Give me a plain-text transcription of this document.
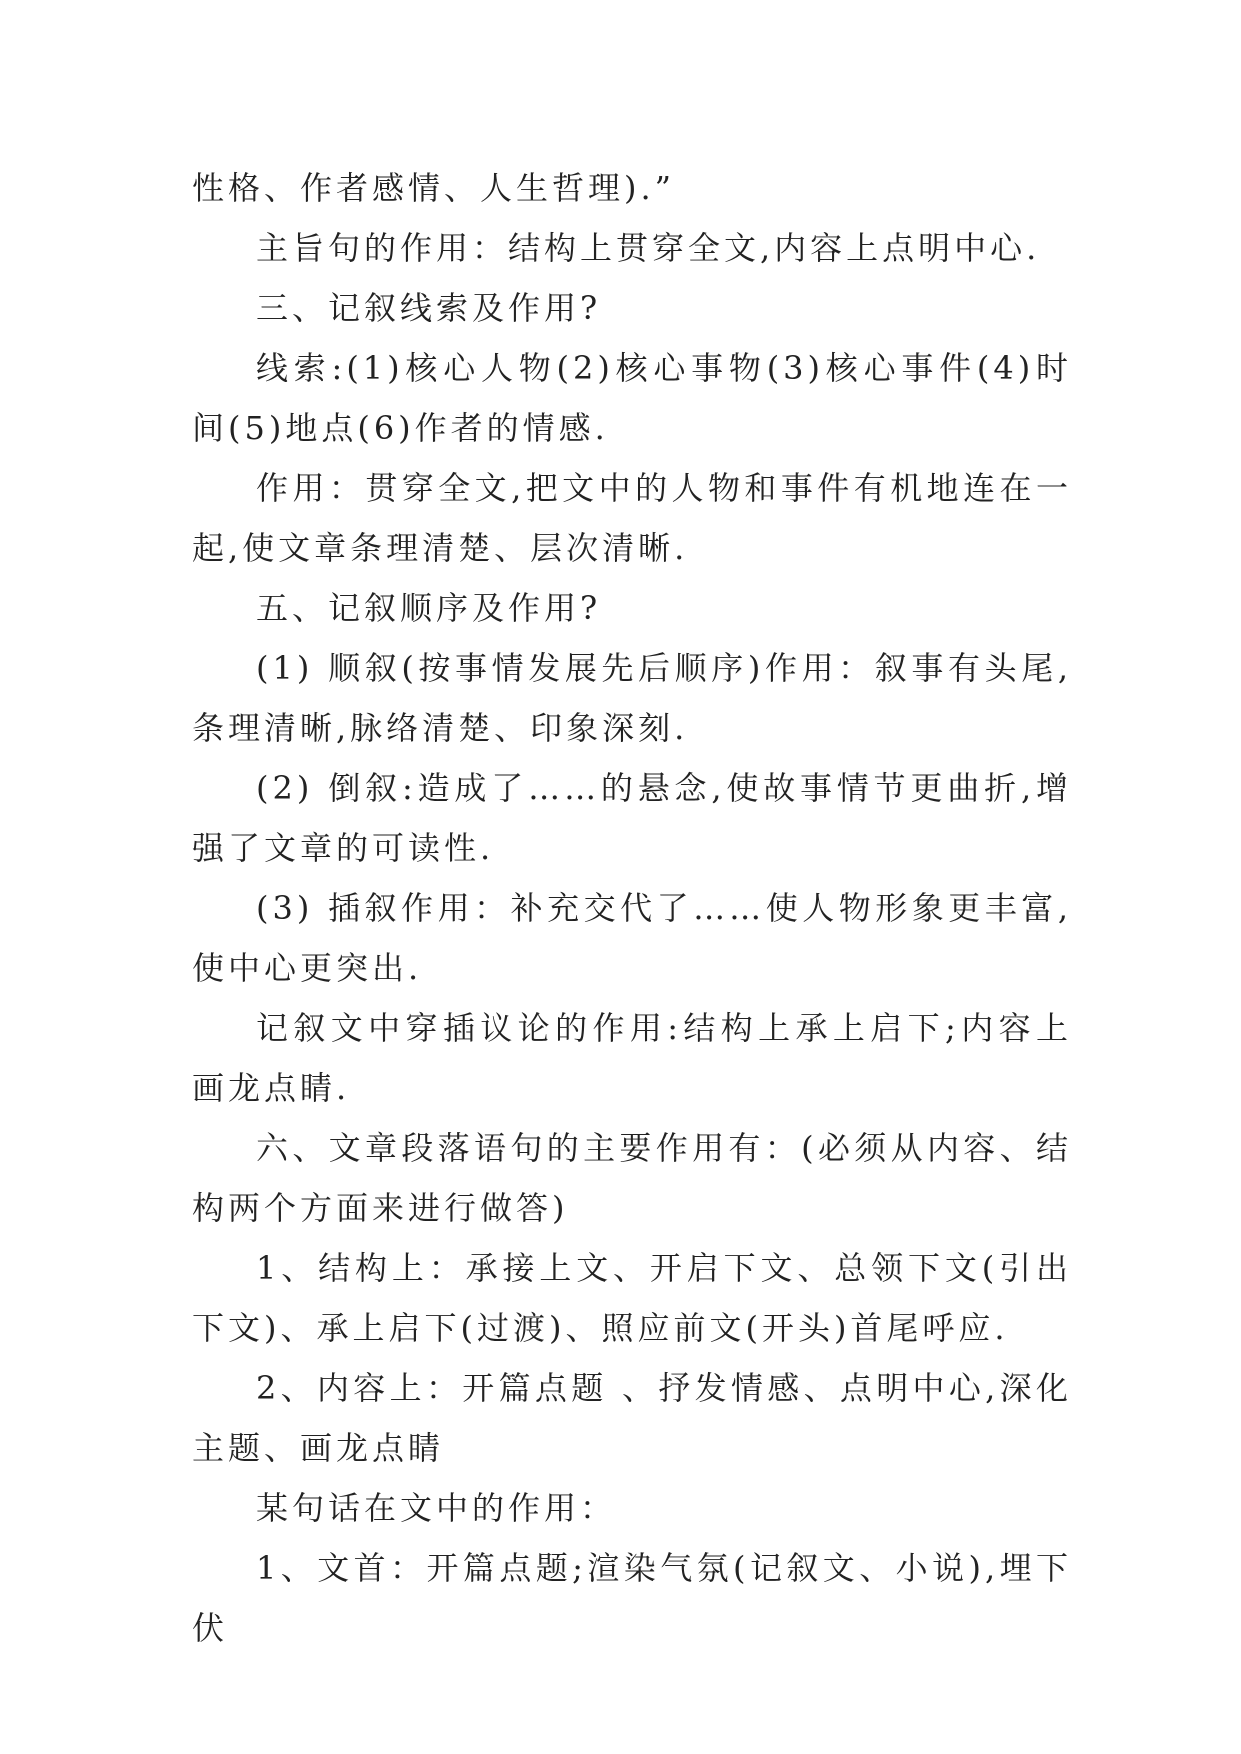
性格、作者感情、人生哲理).”

主旨句的作用：结构上贯穿全文,内容上点明中心.

三、记叙线索及作用?

线索:(1)核心人物(2)核心事物(3)核心事件(4)时间(5)地点(6)作者的情感.

作用：贯穿全文,把文中的人物和事件有机地连在一起,使文章条理清楚、层次清晰.

五、记叙顺序及作用?

(1) 顺叙(按事情发展先后顺序)作用：叙事有头尾,条理清晰,脉络清楚、印象深刻.

(2) 倒叙:造成了……的悬念,使故事情节更曲折,增强了文章的可读性.

(3) 插叙作用：补充交代了……使人物形象更丰富,使中心更突出.

记叙文中穿插议论的作用:结构上承上启下;内容上画龙点睛.

六、文章段落语句的主要作用有：(必须从内容、结构两个方面来进行做答)

1、结构上：承接上文、开启下文、总领下文(引出下文)、承上启下(过渡)、照应前文(开头)首尾呼应.

2、内容上：开篇点题 、抒发情感、点明中心,深化主题、画龙点睛

某句话在文中的作用：

1、文首：开篇点题;渲染气氛(记叙文、小说),埋下伏
